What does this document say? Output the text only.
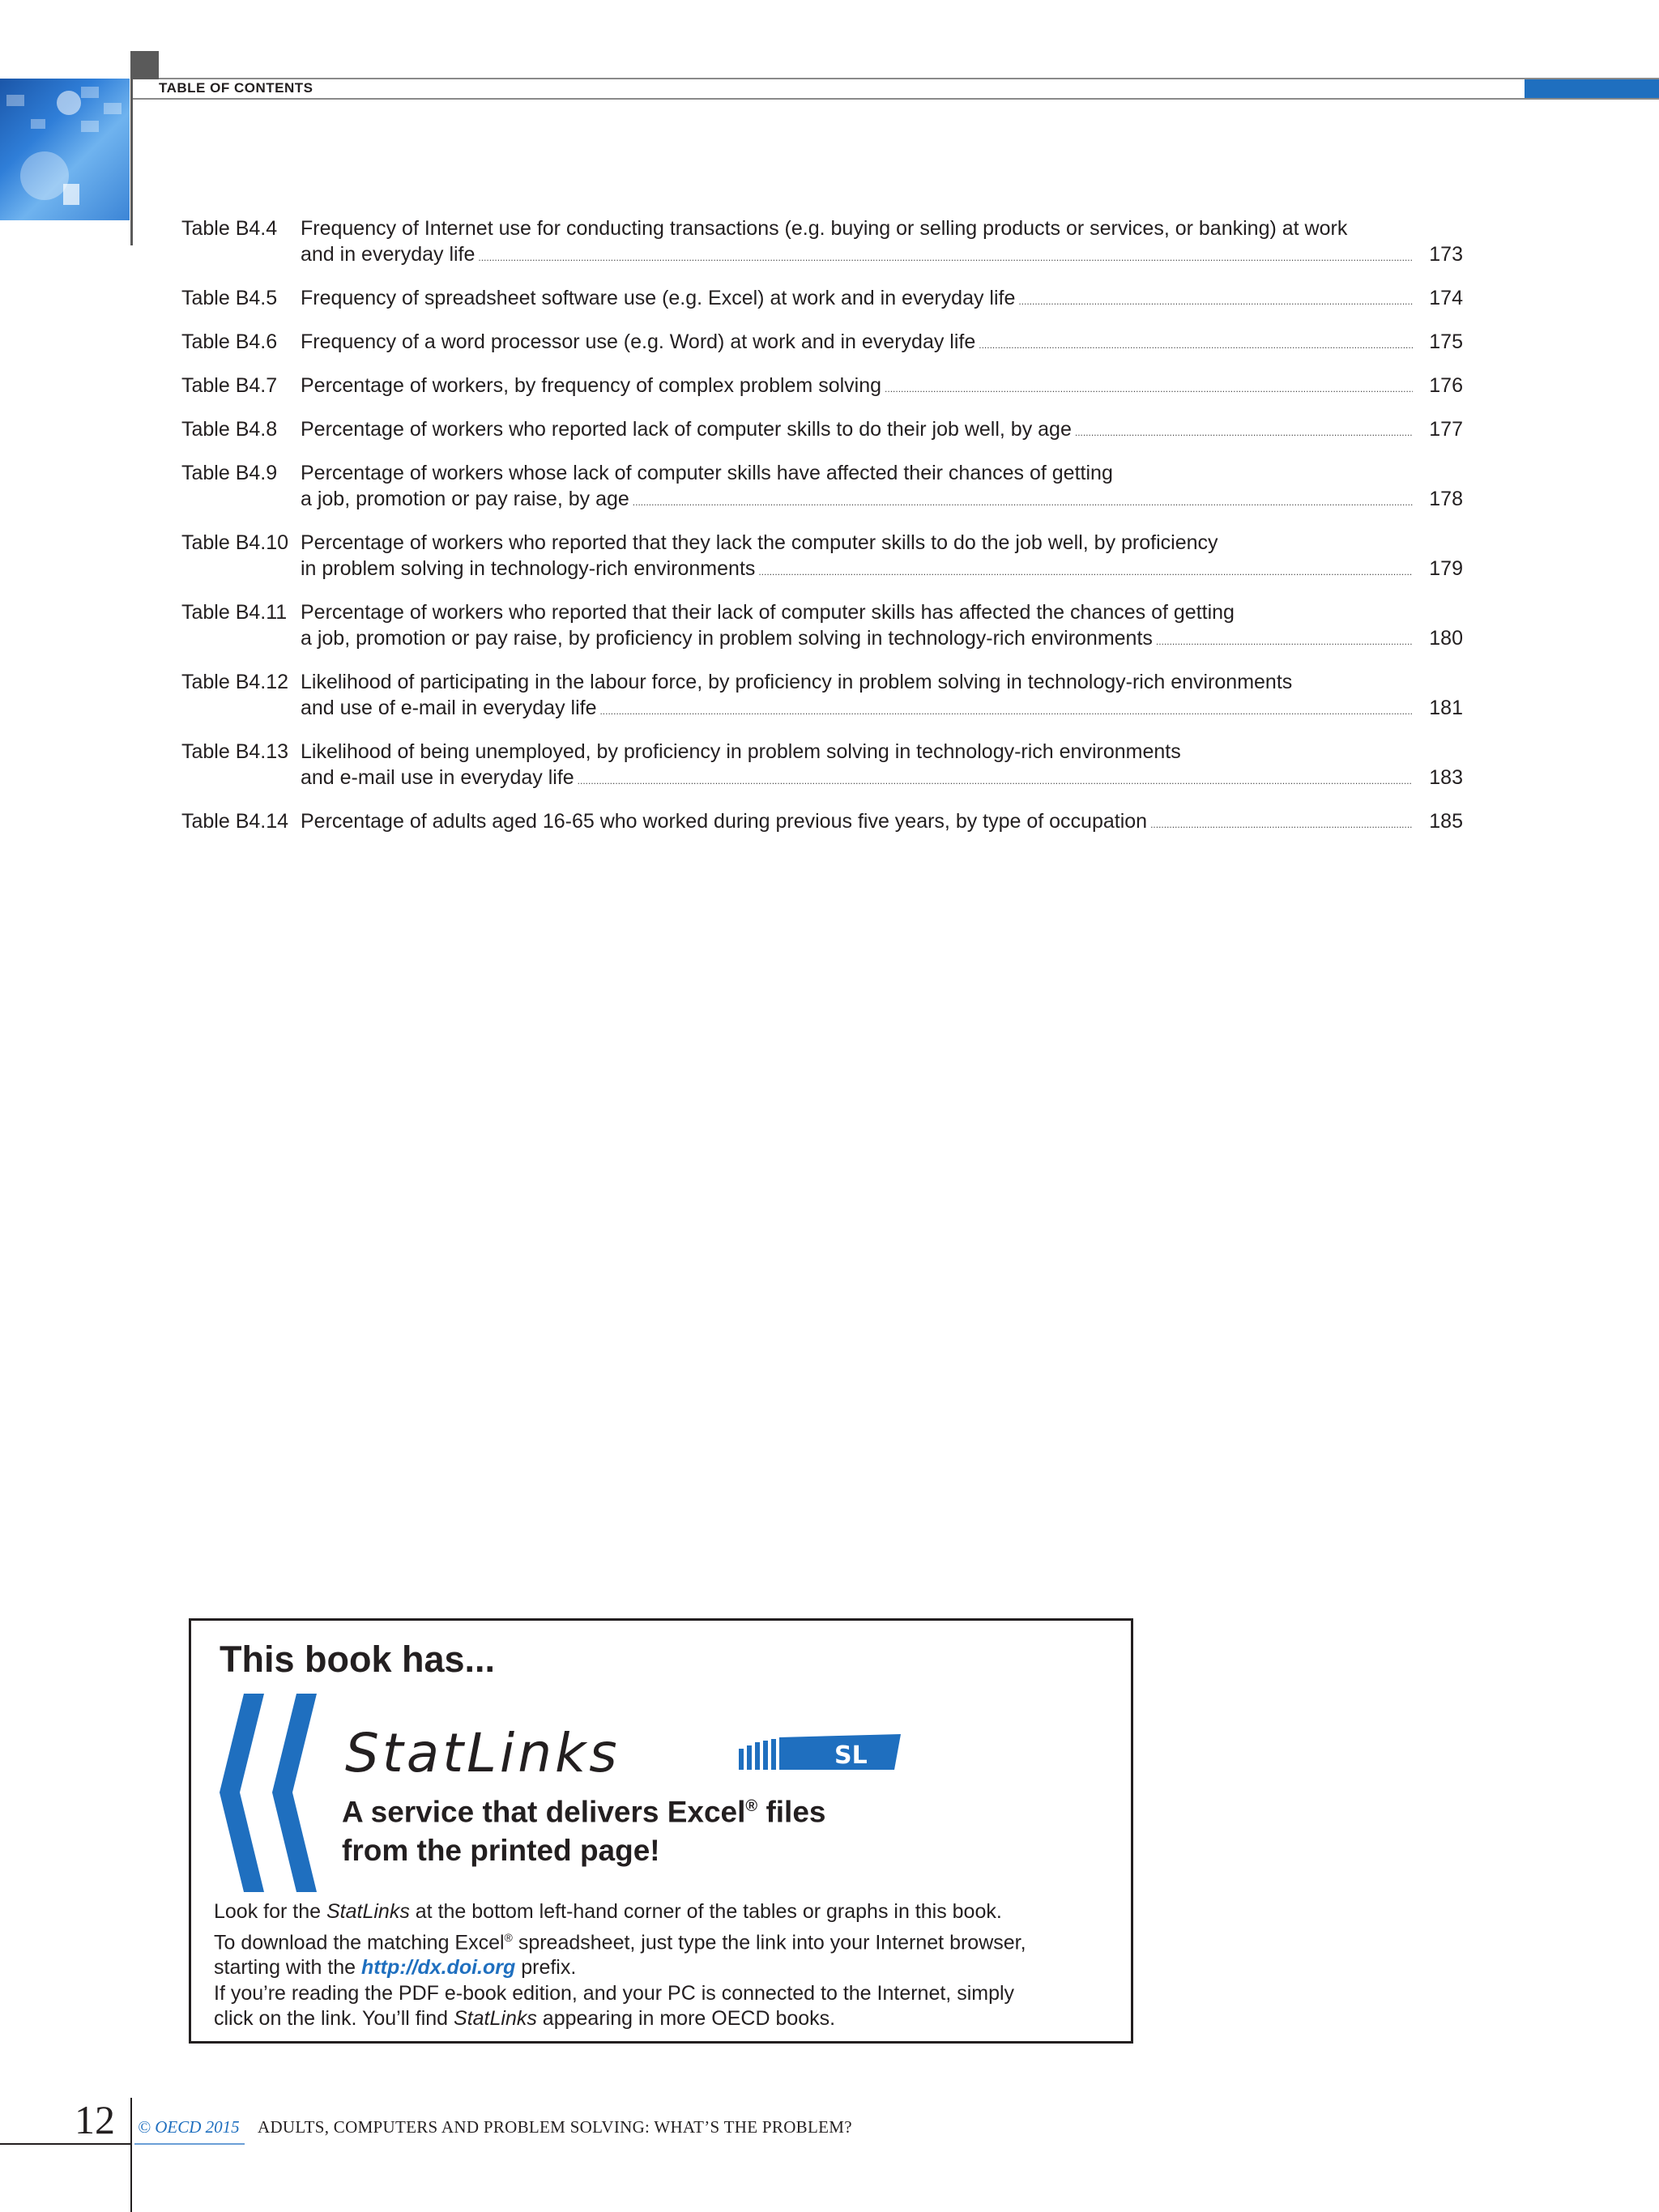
TABLE OF CONTENTS
Table B4.4	Frequency of Internet use for conducting transactions (e.g. buying or selling products or services, or banking) at work
and in everyday life .....	173
Table B4.5	Frequency of spreadsheet software use (e.g. Excel) at work and in everyday life .....	174
Table B4.6	Frequency of a word processor use (e.g. Word) at work and in everyday life .....	175
Table B4.7	Percentage of workers, by frequency of complex problem solving .....	176
Table B4.8	Percentage of workers who reported lack of computer skills to do their job well, by age .....	177
Table B4.9	Percentage of workers whose lack of computer skills have affected their chances of getting
a job, promotion or pay raise, by age .....	178
Table B4.10 Percentage of workers who reported that they lack the computer skills to do the job well, by proficiency
in problem solving in technology-rich environments .....	179
Table B4.11 Percentage of workers who reported that their lack of computer skills has affected the chances of getting
a job, promotion or pay raise, by proficiency in problem solving in technology-rich environments .....	180
Table B4.12 Likelihood of participating in the labour force, by proficiency in problem solving in technology-rich environments
and use of e-mail in everyday life .....	181
Table B4.13 Likelihood of being unemployed, by proficiency in problem solving in technology-rich environments
and e-mail use in everyday life .....	183
Table B4.14 Percentage of adults aged 16-65 who worked during previous five years, by type of occupation .....	185
This book has...
StatLinks	SL
A service that delivers Excel® files
from the printed page!
Look for the StatLinks at the bottom left-hand corner of the tables or graphs in this book.
To download the matching Excel® spreadsheet, just type the link into your Internet browser,
starting with the http://dx.doi.org prefix.
If you’re reading the PDF e-book edition, and your PC is connected to the Internet, simply
click on the link. You’ll find StatLinks appearing in more OECD books.
12 © OECD 2015 ADULTS, COMPUTERS AND PROBLEM SOLVING: WHAT’S THE PROBLEM?
